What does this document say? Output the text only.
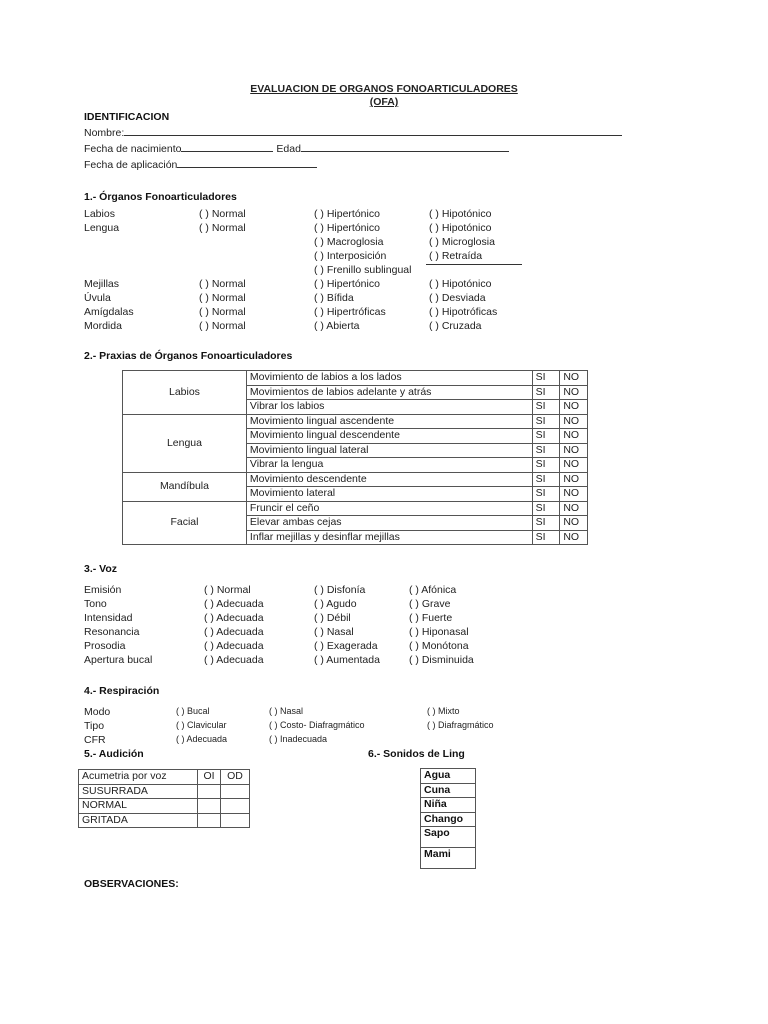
EVALUACION DE ORGANOS FONOARTICULADORES
(OFA)
IDENTIFICACION
Nombre:
Fecha de nacimiento	Edad
Fecha de aplicación
1.- Órganos Fonoarticuladores
Labios	( ) Normal	( ) Hipertónico	( ) Hipotónico
Lengua	( ) Normal	( ) Hipertónico	( ) Hipotónico
( ) Macroglosia	( ) Microglosia
( ) Interposición	( ) Retraída
( ) Frenillo sublingual
Mejillas	( ) Normal	( ) Hipertónico	( ) Hipotónico
Úvula	( ) Normal	( ) Bífida	( ) Desviada
Amígdalas	( ) Normal	( ) Hipertróficas	( ) Hipotróficas
Mordida	( ) Normal	( ) Abierta	( ) Cruzada
2.- Praxias de Órganos Fonoarticuladores
Labios	Movimiento de labios a los lados	SI	NO
	Movimientos de labios adelante y atrás	SI	NO
	Vibrar los labios	SI	NO
Lengua	Movimiento lingual ascendente	SI	NO
	Movimiento lingual descendente	SI	NO
	Movimiento lingual lateral	SI	NO
	Vibrar la lengua	SI	NO
Mandíbula	Movimiento descendente	SI	NO
	Movimiento lateral	SI	NO
Facial	Fruncir el ceño	SI	NO
	Elevar ambas cejas	SI	NO
	Inflar mejillas y desinflar mejillas	SI	NO
3.- Voz
Emisión	( ) Normal	( ) Disfonía	( ) Afónica
Tono	( ) Adecuada	( ) Agudo	( ) Grave
Intensidad	( ) Adecuada	( ) Débil	( ) Fuerte
Resonancia	( ) Adecuada	( ) Nasal	( ) Hiponasal
Prosodia	( ) Adecuada	( ) Exagerada	( ) Monótona
Apertura bucal	( ) Adecuada	( ) Aumentada	( ) Disminuida
4.- Respiración
Modo	( ) Bucal	( ) Nasal	( ) Mixto
Tipo	( ) Clavicular	( ) Costo- Diafragmático	( ) Diafragmático
CFR	( ) Adecuada	( ) Inadecuada
5.- Audición
Acumetria por voz	OI	OD
SUSURRADA		
NORMAL		
GRITADA		
6.- Sonidos de Ling
Agua
Cuna
Niña
Chango
Sapo
Mami
OBSERVACIONES:
